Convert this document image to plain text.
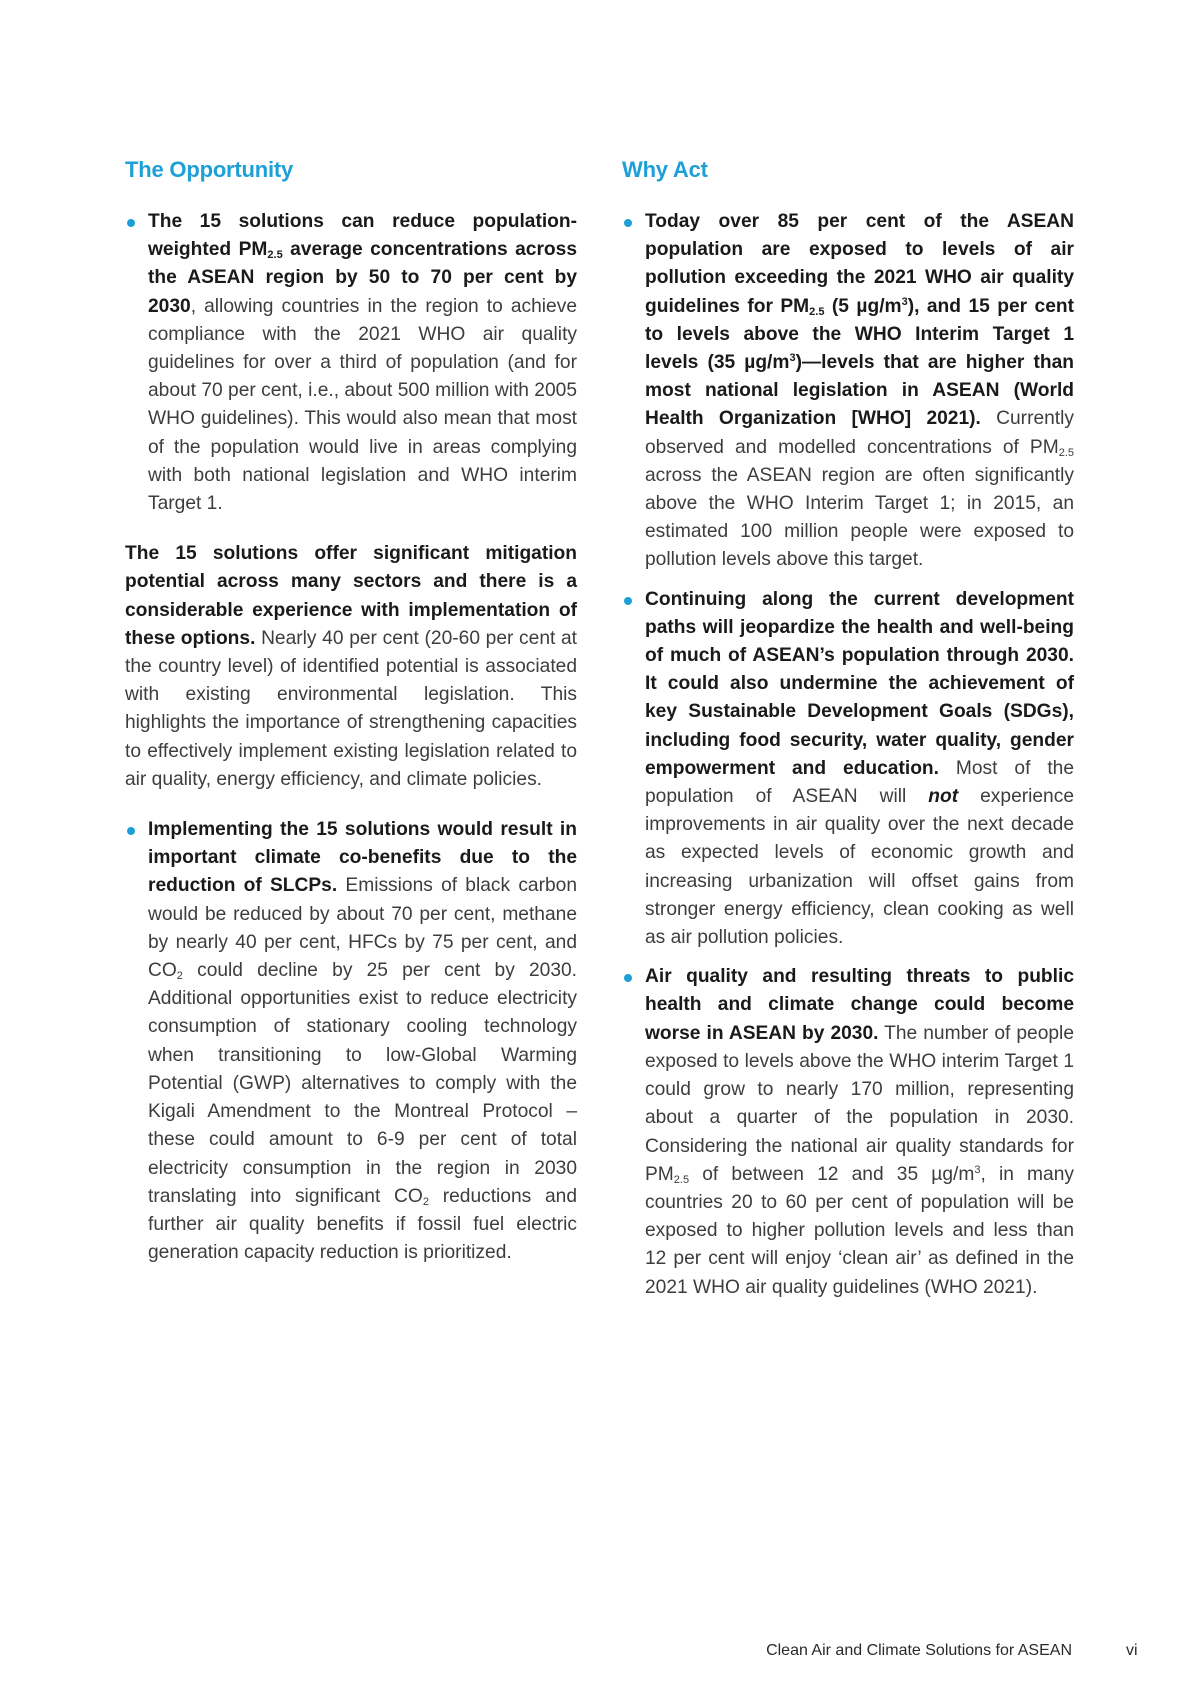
The Opportunity

The 15 solutions can reduce population-weighted $PM_{2.5}$ average concentrations across the ASEAN region by 50 to 70 per cent by 2030, allowing countries in the region to achieve compliance with the 2021 WHO air quality guidelines for over a third of population (and for about 70 per cent, i.e., about 500 million with 2005 WHO guidelines). This would also mean that most of the population would live in areas complying with both national legislation and WHO interim Target 1.

The 15 solutions offer significant mitigation potential across many sectors and there is a considerable experience with implementation of these options. Nearly 40 per cent (20-60 per cent at the country level) of identified potential is associated with existing environmental legislation. This highlights the importance of strengthening capacities to effectively implement existing legislation related to air quality, energy efficiency, and climate policies.

Implementing the 15 solutions would result in important climate co-benefits due to the reduction of SLCPs. Emissions of black carbon would be reduced by about 70 per cent, methane by nearly 40 per cent, HFCs by 75 per cent, and $CO_2$ could decline by 25 per cent by 2030. Additional opportunities exist to reduce electricity consumption of stationary cooling technology when transitioning to low-Global Warming Potential (GWP) alternatives to comply with the Kigali Amendment to the Montreal Protocol – these could amount to 6-9 per cent of total electricity consumption in the region in 2030 translating into significant $CO_2$ reductions and further air quality benefits if fossil fuel electric generation capacity reduction is prioritized.

Why Act

Today over 85 per cent of the ASEAN population are exposed to levels of air pollution exceeding the 2021 WHO air quality guidelines for $PM_{2.5}$ (5 $\mu g/m^3$), and 15 per cent to levels above the WHO Interim Target 1 levels (35 $\mu g/m^3)—levels$ that are higher than most national legislation in ASEAN (World Health Organization [WHO] 2021). Currently observed and modelled concentrations of $PM_{2.5}$ across the ASEAN region are often significantly above the WHO Interim Target 1; in 2015, an estimated 100 million people were exposed to pollution levels above this target.

Continuing along the current development paths will jeopardize the health and well-being of much of ASEAN’s population through 2030. It could also undermine the achievement of key Sustainable Development Goals (SDGs), including food security, water quality, gender empowerment and education. Most of the population of ASEAN will not experience improvements in air quality over the next decade as expected levels of economic growth and increasing urbanization will offset gains from stronger energy efficiency, clean cooking as well as air pollution policies.

Air quality and resulting threats to public health and climate change could become worse in ASEAN by 2030. The number of people exposed to levels above the WHO interim Target 1 could grow to nearly 170 million, representing about a quarter of the population in 2030. Considering the national air quality standards for $PM_{2.5}$ of between 12 and 35 $\mu g/m^3$, in many countries 20 to 60 per cent of population will be exposed to higher pollution levels and less than 12 per cent will enjoy ‘clean air’ as defined in the 2021 WHO air quality guidelines (WHO 2021).

Clean Air and Climate Solutions for ASEAN	vi
